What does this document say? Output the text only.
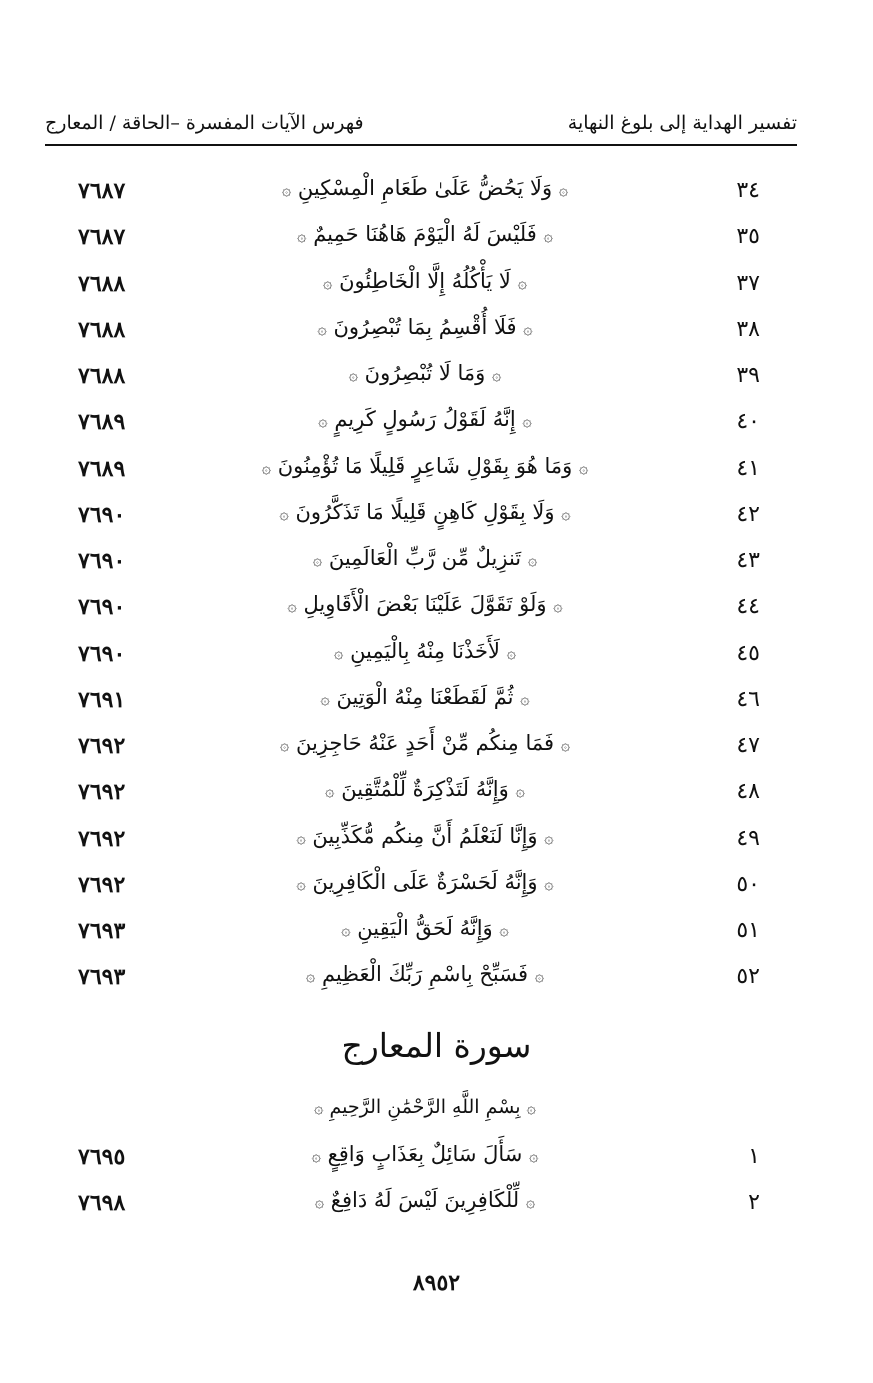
فهرس الآيات المفسرة –الحاقة / المعارج	تفسير الهداية إلى بلوغ النهاية
٧٦٨٧	۞ وَلَا يَحُضُّ عَلَىٰ طَعَامِ الْمِسْكِينِ ۞	٣٤
٧٦٨٧	۞ فَلَيْسَ لَهُ الْيَوْمَ هَاهُنَا حَمِيمٌ ۞	٣٥
٧٦٨٨	۞ لَا يَأْكُلُهُ إِلَّا الْخَاطِئُونَ ۞	٣٧
٧٦٨٨	۞ فَلَا أُقْسِمُ بِمَا تُبْصِرُونَ ۞	٣٨
٧٦٨٨	۞ وَمَا لَا تُبْصِرُونَ ۞	٣٩
٧٦٨٩	۞ إِنَّهُ لَقَوْلُ رَسُولٍ كَرِيمٍ ۞	٤٠
٧٦٨٩	۞ وَمَا هُوَ بِقَوْلِ شَاعِرٍ قَلِيلًا مَا تُؤْمِنُونَ ۞	٤١
٧٦٩٠	۞ وَلَا بِقَوْلِ كَاهِنٍ قَلِيلًا مَا تَذَكَّرُونَ ۞	٤٢
٧٦٩٠	۞ تَنزِيلٌ مِّن رَّبِّ الْعَالَمِينَ ۞	٤٣
٧٦٩٠	۞ وَلَوْ تَقَوَّلَ عَلَيْنَا بَعْضَ الْأَقَاوِيلِ ۞	٤٤
٧٦٩٠	۞ لَأَخَذْنَا مِنْهُ بِالْيَمِينِ ۞	٤٥
٧٦٩١	۞ ثُمَّ لَقَطَعْنَا مِنْهُ الْوَتِينَ ۞	٤٦
٧٦٩٢	۞ فَمَا مِنكُم مِّنْ أَحَدٍ عَنْهُ حَاجِزِينَ ۞	٤٧
٧٦٩٢	۞ وَإِنَّهُ لَتَذْكِرَةٌ لِّلْمُتَّقِينَ ۞	٤٨
٧٦٩٢	۞ وَإِنَّا لَنَعْلَمُ أَنَّ مِنكُم مُّكَذِّبِينَ ۞	٤٩
٧٦٩٢	۞ وَإِنَّهُ لَحَسْرَةٌ عَلَى الْكَافِرِينَ ۞	٥٠
٧٦٩٣	۞ وَإِنَّهُ لَحَقُّ الْيَقِينِ ۞	٥١
٧٦٩٣	۞ فَسَبِّحْ بِاسْمِ رَبِّكَ الْعَظِيمِ ۞	٥٢
سورة المعارج
۞ بِسْمِ اللَّهِ الرَّحْمَٰنِ الرَّحِيمِ ۞
٧٦٩٥	۞ سَأَلَ سَائِلٌ بِعَذَابٍ وَاقِعٍ ۞	١
٧٦٩٨	۞ لِّلْكَافِرِينَ لَيْسَ لَهُ دَافِعٌ ۞	٢
٨٩٥٢
